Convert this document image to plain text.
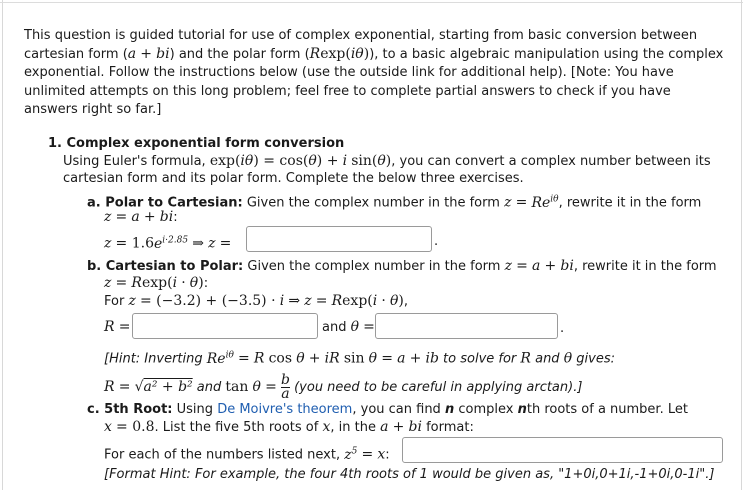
This question is guided tutorial for use of complex exponential, starting from basic conversion between cartesian form (a + bi) and the polar form (Rexp(iθ)), to a basic algebraic manipulation using the complex exponential. Follow the instructions below (use the outside link for additional help). [Note: You have unlimited attempts on this long problem; feel free to complete partial answers to check if you have answers right so far.]
1. Complex exponential form conversion
Using Euler's formula, exp(iθ) = cos(θ) + i sin(θ), you can convert a complex number between its
cartesian form and its polar form. Complete the below three exercises.
a. Polar to Cartesian: Given the complex number in the form $z = Re^{i\theta}$, rewrite it in the form
z = a + bi:
$z = 1.6e^{i\cdot 2.85}$ ⇒ z =	.
b. Cartesian to Polar: Given the complex number in the form z = a + bi, rewrite it in the form
z = Rexp(i · θ):
For z = (−3.2) + (−3.5) · i ⇒ z = Rexp(i · θ),
R =	and θ =	.
[Hint: Inverting $Re^{i\theta} = R$ cos θ + iR sin θ = a + ib to solve for R and θ gives:
R = √a² + b² and $\tan \theta = \frac{b}{a} (you$ need to be careful in applying arctan).]
c. 5th Root: Using De Moivre's theorem, you can find n complex nth roots of a number. Let
x = 0.8. List the five 5th roots of x, in the a + bi format:
For each of the numbers listed next, $z^5 = x$:
[Format Hint: For example, the four 4th roots of 1 would be given as, "1+0i,0+1i,-1+0i,0-1i".]
